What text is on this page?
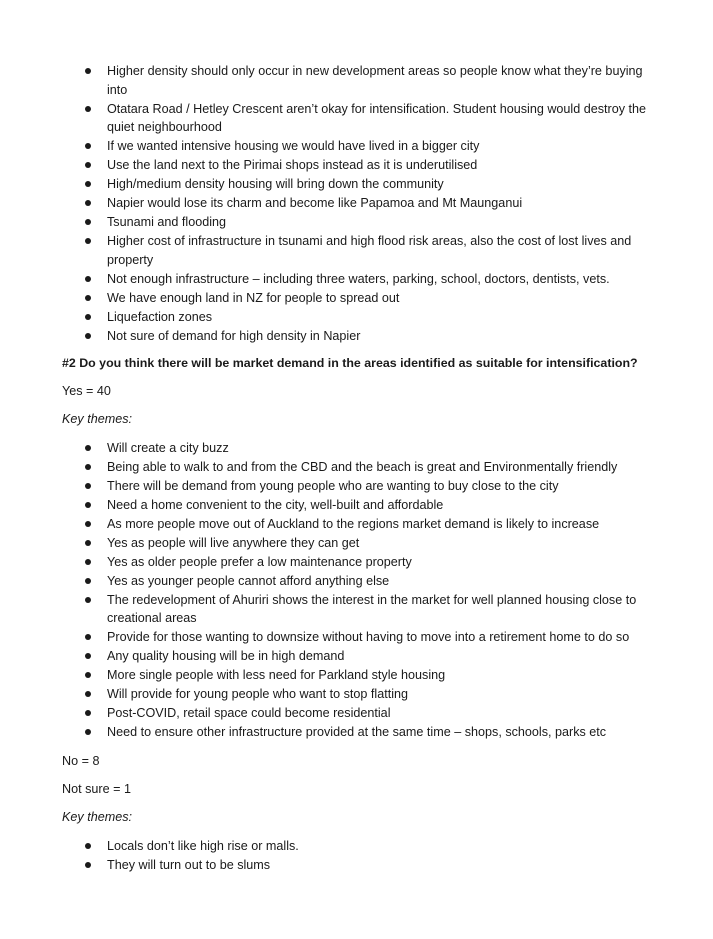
Higher density should only occur in new development areas so people know what they’re buying into
Otatara Road / Hetley Crescent aren’t okay for intensification. Student housing would destroy the quiet neighbourhood
If we wanted intensive housing we would have lived in a bigger city
Use the land next to the Pirimai shops instead as it is underutilised
High/medium density housing will bring down the community
Napier would lose its charm and become like Papamoa and Mt Maunganui
Tsunami and flooding
Higher cost of infrastructure in tsunami and high flood risk areas, also the cost of lost lives and property
Not enough infrastructure – including three waters, parking, school, doctors, dentists, vets.
We have enough land in NZ for people to spread out
Liquefaction zones
Not sure of demand for high density in Napier
#2 Do you think there will be market demand in the areas identified as suitable for intensification?
Yes = 40
Key themes:
Will create a city buzz
Being able to walk to and from the CBD and the beach is great and Environmentally friendly
There will be demand from young people who are wanting to buy close to the city
Need a home convenient to the city, well-built and affordable
As more people move out of Auckland to the regions market demand is likely to increase
Yes as people will live anywhere they can get
Yes as older people prefer a low maintenance property
Yes as younger people cannot afford anything else
The redevelopment of Ahuriri shows the interest in the market for well planned housing close to creational areas
Provide for those wanting to downsize without having to move into a retirement home to do so
Any quality housing will be in high demand
More single people with less need for Parkland style housing
Will provide for young people who want to stop flatting
Post-COVID, retail space could become residential
Need to ensure other infrastructure provided at the same time – shops, schools, parks etc
No = 8
Not sure = 1
Key themes:
Locals don’t like high rise or malls.
They will turn out to be slums
